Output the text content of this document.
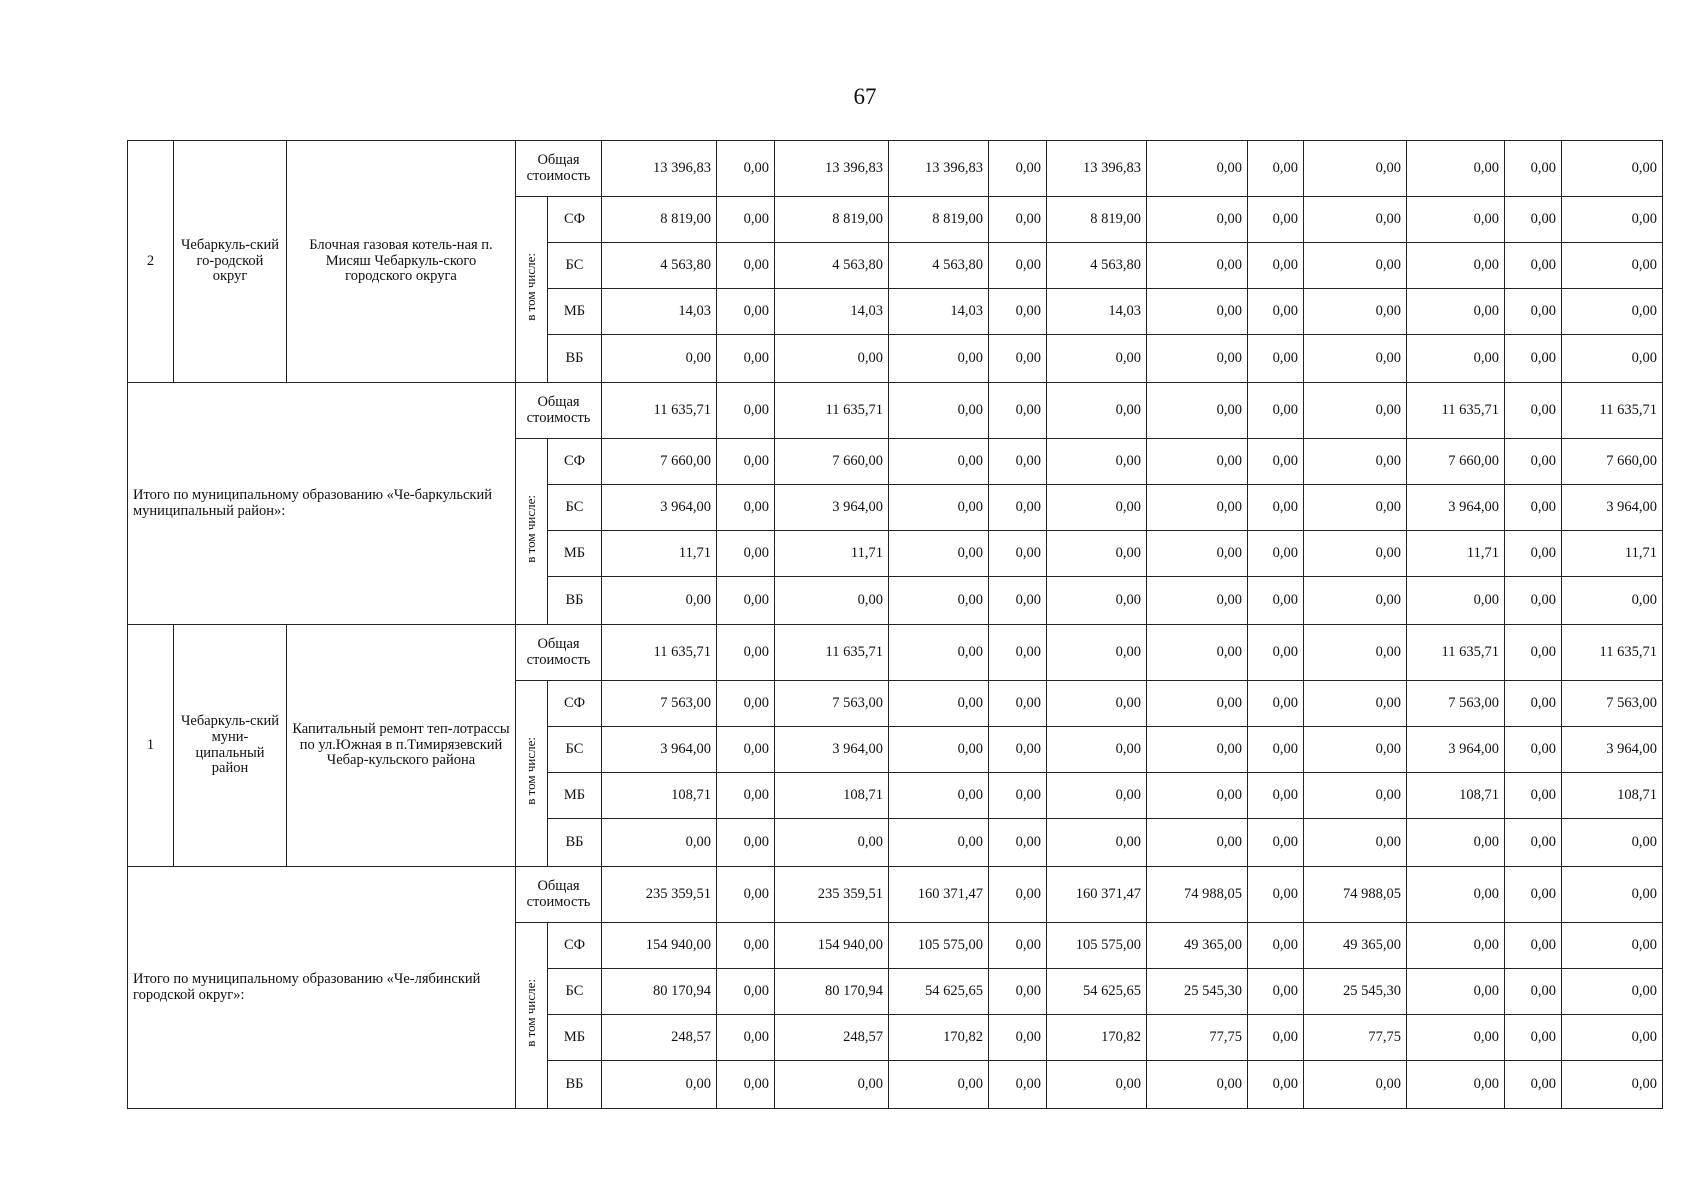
67
2	Чебаркуль-ский го-родской округ	Блочная газовая котель-ная п. Мисяш Чебаркуль-ского городского округа	Общая стоимость		13 396,83	0,00	13 396,83	13 396,83	0,00	13 396,83	0,00	0,00	0,00	0,00	0,00	0,00
			в том числе:	СФ	8 819,00	0,00	8 819,00	8 819,00	0,00	8 819,00	0,00	0,00	0,00	0,00	0,00	0,00
				БС	4 563,80	0,00	4 563,80	4 563,80	0,00	4 563,80	0,00	0,00	0,00	0,00	0,00	0,00
				МБ	14,03	0,00	14,03	14,03	0,00	14,03	0,00	0,00	0,00	0,00	0,00	0,00
				ВБ	0,00	0,00	0,00	0,00	0,00	0,00	0,00	0,00	0,00	0,00	0,00	0,00
Итого по муниципальному образованию «Че-баркульский муниципальный район»:			Общая стоимость		11 635,71	0,00	11 635,71	0,00	0,00	0,00	0,00	0,00	0,00	11 635,71	0,00	11 635,71
			в том числе:	СФ	7 660,00	0,00	7 660,00	0,00	0,00	0,00	0,00	0,00	0,00	7 660,00	0,00	7 660,00
				БС	3 964,00	0,00	3 964,00	0,00	0,00	0,00	0,00	0,00	0,00	3 964,00	0,00	3 964,00
				МБ	11,71	0,00	11,71	0,00	0,00	0,00	0,00	0,00	0,00	11,71	0,00	11,71
				ВБ	0,00	0,00	0,00	0,00	0,00	0,00	0,00	0,00	0,00	0,00	0,00	0,00
1	Чебаркуль-ский муни-ципальный район	Капитальный ремонт теп-лотрассы по ул.Южная в п.Тимирязевский Чебар-кульского района	Общая стоимость		11 635,71	0,00	11 635,71	0,00	0,00	0,00	0,00	0,00	0,00	11 635,71	0,00	11 635,71
			в том числе:	СФ	7 563,00	0,00	7 563,00	0,00	0,00	0,00	0,00	0,00	0,00	7 563,00	0,00	7 563,00
				БС	3 964,00	0,00	3 964,00	0,00	0,00	0,00	0,00	0,00	0,00	3 964,00	0,00	3 964,00
				МБ	108,71	0,00	108,71	0,00	0,00	0,00	0,00	0,00	0,00	108,71	0,00	108,71
				ВБ	0,00	0,00	0,00	0,00	0,00	0,00	0,00	0,00	0,00	0,00	0,00	0,00
Итого по муниципальному образованию «Че-лябинский городской округ»:			Общая стоимость		235 359,51	0,00	235 359,51	160 371,47	0,00	160 371,47	74 988,05	0,00	74 988,05	0,00	0,00	0,00
			в том числе:	СФ	154 940,00	0,00	154 940,00	105 575,00	0,00	105 575,00	49 365,00	0,00	49 365,00	0,00	0,00	0,00
				БС	80 170,94	0,00	80 170,94	54 625,65	0,00	54 625,65	25 545,30	0,00	25 545,30	0,00	0,00	0,00
				МБ	248,57	0,00	248,57	170,82	0,00	170,82	77,75	0,00	77,75	0,00	0,00	0,00
				ВБ	0,00	0,00	0,00	0,00	0,00	0,00	0,00	0,00	0,00	0,00	0,00	0,00
